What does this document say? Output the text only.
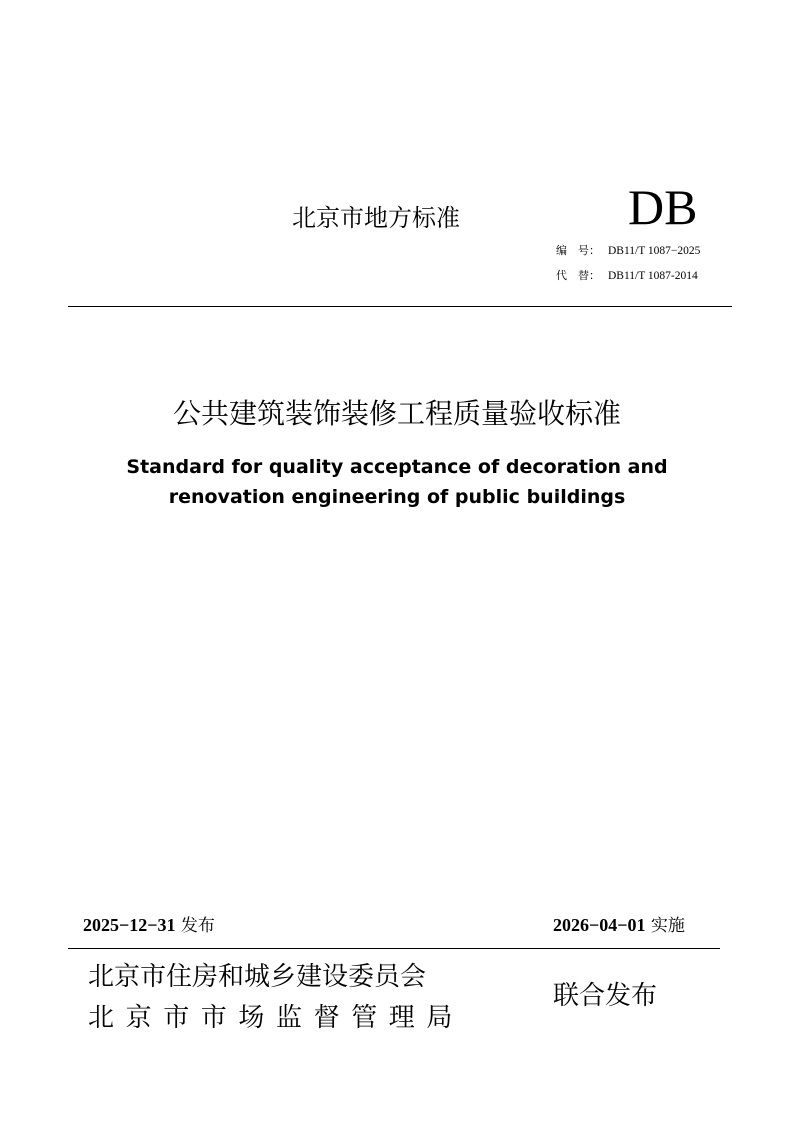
北京市地方标准	DB
编　号： DB11/T 1087−2025
代　替： DB11/T 1087-2014
公共建筑装饰装修工程质量验收标准
Standard for quality acceptance of decoration and
renovation engineering of public buildings
2025−12−31 发布	2026−04−01 实施
北京市住房和城乡建设委员会
北京市市场监督管理局
联合发布
